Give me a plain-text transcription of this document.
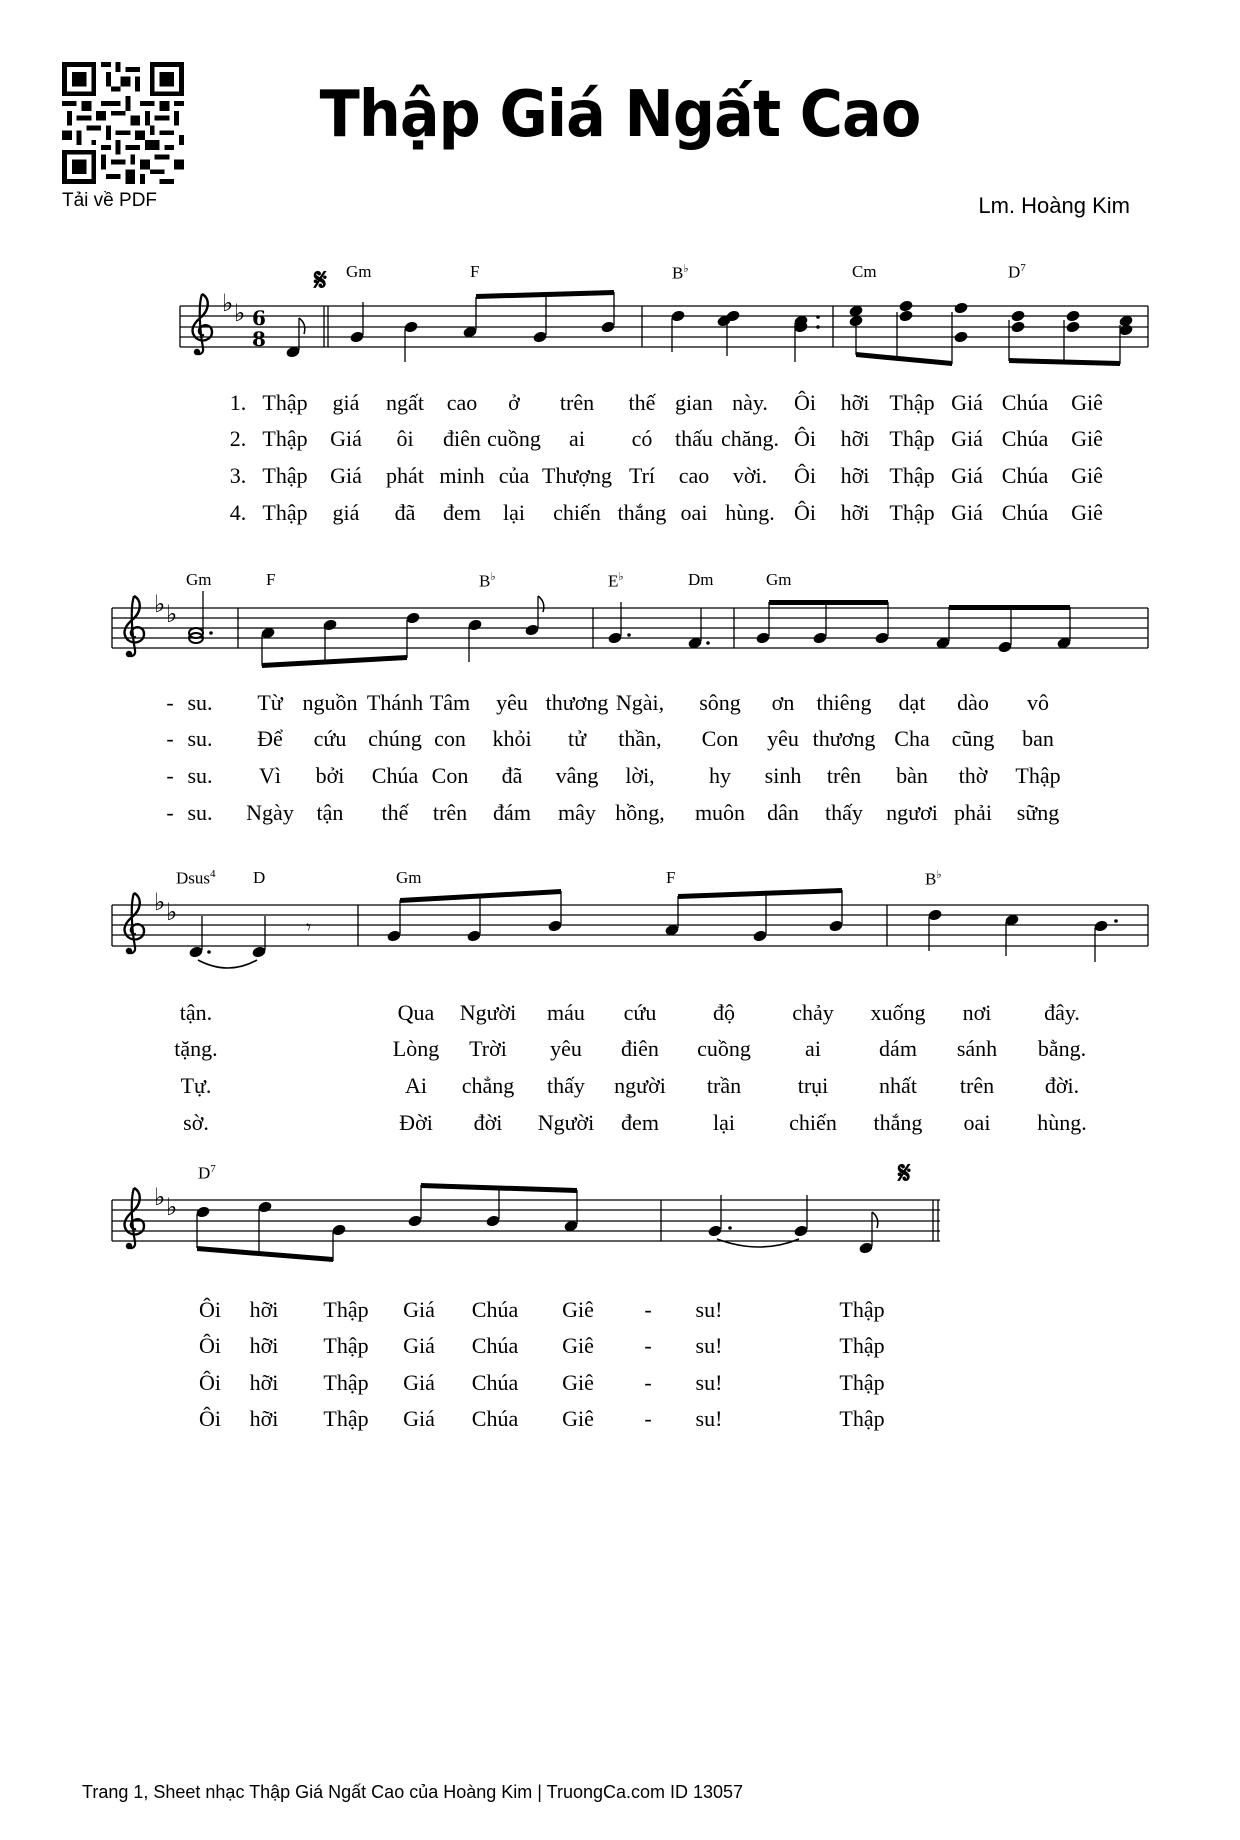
Tải về PDF
Thập Giá Ngất Cao
Lm. Hoàng Kim
6
8
Gm	F	B♭	Cm	$D^7$
1. Thập giá ngất cao ở trên thế gian này. Ôi hỡi Thập Giá Chúa Giê
2. Thập Giá ôi điên cuồng ai có thấu chăng. Ôi hỡi Thập Giá Chúa Giê
3. Thập Giá phát minh của Thượng Trí cao vời. Ôi hỡi Thập Giá Chúa Giê
4. Thập giá đã đem lại chiến thắng oai hùng. Ôi hỡi Thập Giá Chúa Giê
Gm	F	B♭	E♭	Dm	Gm
- su. Từ nguồn Thánh Tâm yêu thương Ngài, sông ơn thiêng dạt dào vô
- su. Để cứu chúng con khỏi tử thần, Con yêu thương Cha cũng ban
- su. Vì bởi Chúa Con đã vâng lời, hy sinh trên bàn thờ Thập
- su. Ngày tận thế trên đám mây hồng, muôn dân thấy ngươi phải sững
𝄾
Dsus$^4$ D	Gm	F	B♭
tận.	Qua Người máu cứu	độ	chảy xuống nơi đây.
tặng.	Lòng Trời yêu điên cuồng ai	dám sánh bằng.
Tự.	Ai chẳng thấy người trần	trụi nhất trên đời.
sờ.	Đời đời Người đem lại chiến thắng oai hùng.
$D^7$
Ôi hỡi Thập Giá Chúa Giê - su!	Thập
Ôi hỡi Thập Giá Chúa Giê - su!	Thập
Ôi hỡi Thập Giá Chúa Giê - su!	Thập
Ôi hỡi Thập Giá Chúa Giê - su!	Thập
Trang 1, Sheet nhạc Thập Giá Ngất Cao của Hoàng Kim | TruongCa.com ID 13057
